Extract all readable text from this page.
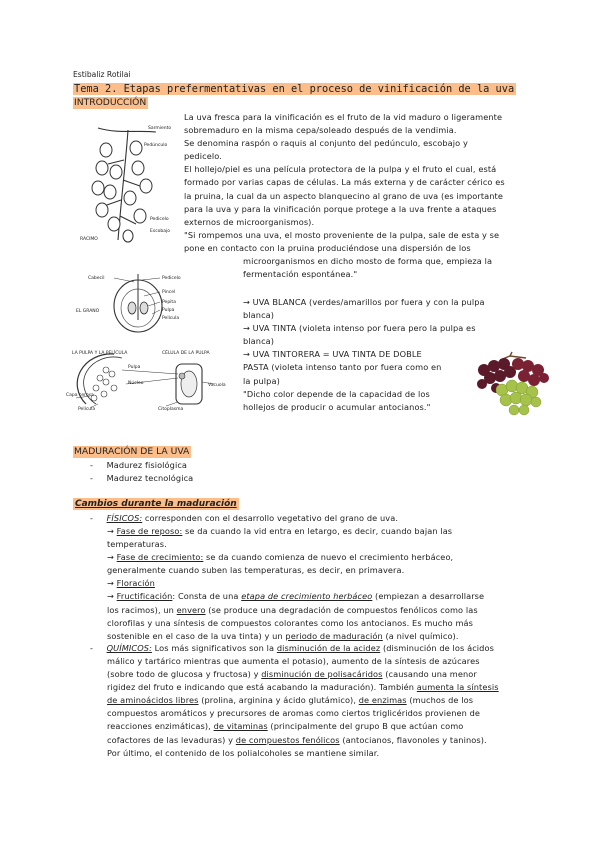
Estibaliz Rotilai
Tema 2. Etapas prefermentativas en el proceso de vinificación de la uva
INTRODUCCIÓN

La uva fresca para la vinificación es el fruto de la vid maduro o ligeramente

sobremaduro en la misma cepa/soleado después de la vendimia.

Se denomina raspón o raquis al conjunto del pedúnculo, escobajo y

pedicelo.

El hollejo/piel es una película protectora de la pulpa y el fruto el cual, está

formado por varias capas de células. La más externa y de carácter cérico es

la pruina, la cual da un aspecto blanquecino al grano de uva (es importante

para la uva y para la vinificación porque protege a la uva frente a ataques

externos de microorganismos).

"Si rompemos una uva, el mosto proveniente de la pulpa, sale de esta y se

pone en contacto con la pruina produciéndose una dispersión de los

microorganismos en dicho mosto de forma que, empieza la

fermentación espontánea."

→ UVA BLANCA (verdes/amarillos por fuera y con la pulpa

blanca)

→ UVA TINTA (violeta intenso por fuera pero la pulpa es

blanca)

→ UVA TINTORERA = UVA TINTA DE DOBLE

PASTA (violeta intenso tanto por fuera como en

la pulpa)

"Dicho color depende de la capacidad de los

hollejos de producir o acumular antocianos."

Sarmiento
Pedúnculo
Pedicelo
Escobajo
RACIMO
Cabecil	Pedicelo
Pincel
Pepita
Pulpa
Película
EL GRANO
LA PULPA Y LA PELÍCULA	CÉLULA DE LA PULPA
Pulpa
Núcleo	Vacuola
Capa cerosa
Película	Citoplasma
MADURACIÓN DE LA UVA

-     Madurez fisiológica

-     Madurez tecnológica

Cambios durante la maduración

-     FÍSICOS: corresponden con el desarrollo vegetativo del grano de uva.

→ Fase de reposo: se da cuando la vid entra en letargo, es decir, cuando bajan las

temperaturas.

→ Fase de crecimiento: se da cuando comienza de nuevo el crecimiento herbáceo,

generalmente cuando suben las temperaturas, es decir, en primavera.

→ Floración

→ Fructificación: Consta de una etapa de crecimiento herbáceo (empiezan a desarrollarse

los racimos), un envero (se produce una degradación de compuestos fenólicos como las

clorofilas y una síntesis de compuestos colorantes como los antocianos. Es mucho más

sostenible en el caso de la uva tinta) y un periodo de maduración (a nivel químico).

-     QUÍMICOS: Los más significativos son la disminución de la acidez (disminución de los ácidos

málico y tartárico mientras que aumenta el potasio), aumento de la síntesis de azúcares

(sobre todo de glucosa y fructosa) y disminución de polisacáridos (causando una menor

rigidez del fruto e indicando que está acabando la maduración). También aumenta la síntesis

de aminoácidos libres (prolina, arginina y ácido glutámico), de enzimas (muchos de los

compuestos aromáticos y precursores de aromas como ciertos triglicéridos provienen de

reacciones enzimáticas), de vitaminas (principalmente del grupo B que actúan como

cofactores de las levaduras) y de compuestos fenólicos (antocianos, flavonoles y taninos).

Por último, el contenido de los polialcoholes se mantiene similar.
